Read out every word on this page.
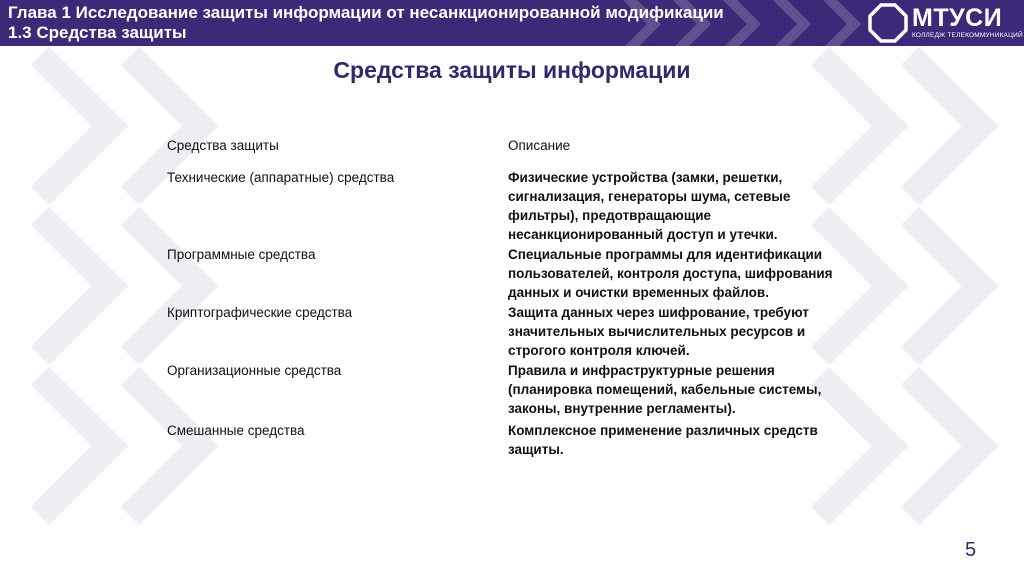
Глава 1 Исследование защиты информации от несанкционированной модификации
1.3 Средства защиты
МТУСИ
КОЛЛЕДЖ ТЕЛЕКОММУНИКАЦИЙ
Средства защиты информации
Средства защиты	Описание
Технические (аппаратные) средства	Физические устройства (замки, решетки, сигнализация, генераторы шума, сетевые фильтры), предотвращающие несанкционированный доступ и утечки.
Программные средства	Специальные программы для идентификации пользователей, контроля доступа, шифрования данных и очистки временных файлов.
Криптографические средства	Защита данных через шифрование, требуют значительных вычислительных ресурсов и строгого контроля ключей.
Организационные средства	Правила и инфраструктурные решения (планировка помещений, кабельные системы, законы, внутренние регламенты).
Смешанные средства	Комплексное применение различных средств защиты.
5
